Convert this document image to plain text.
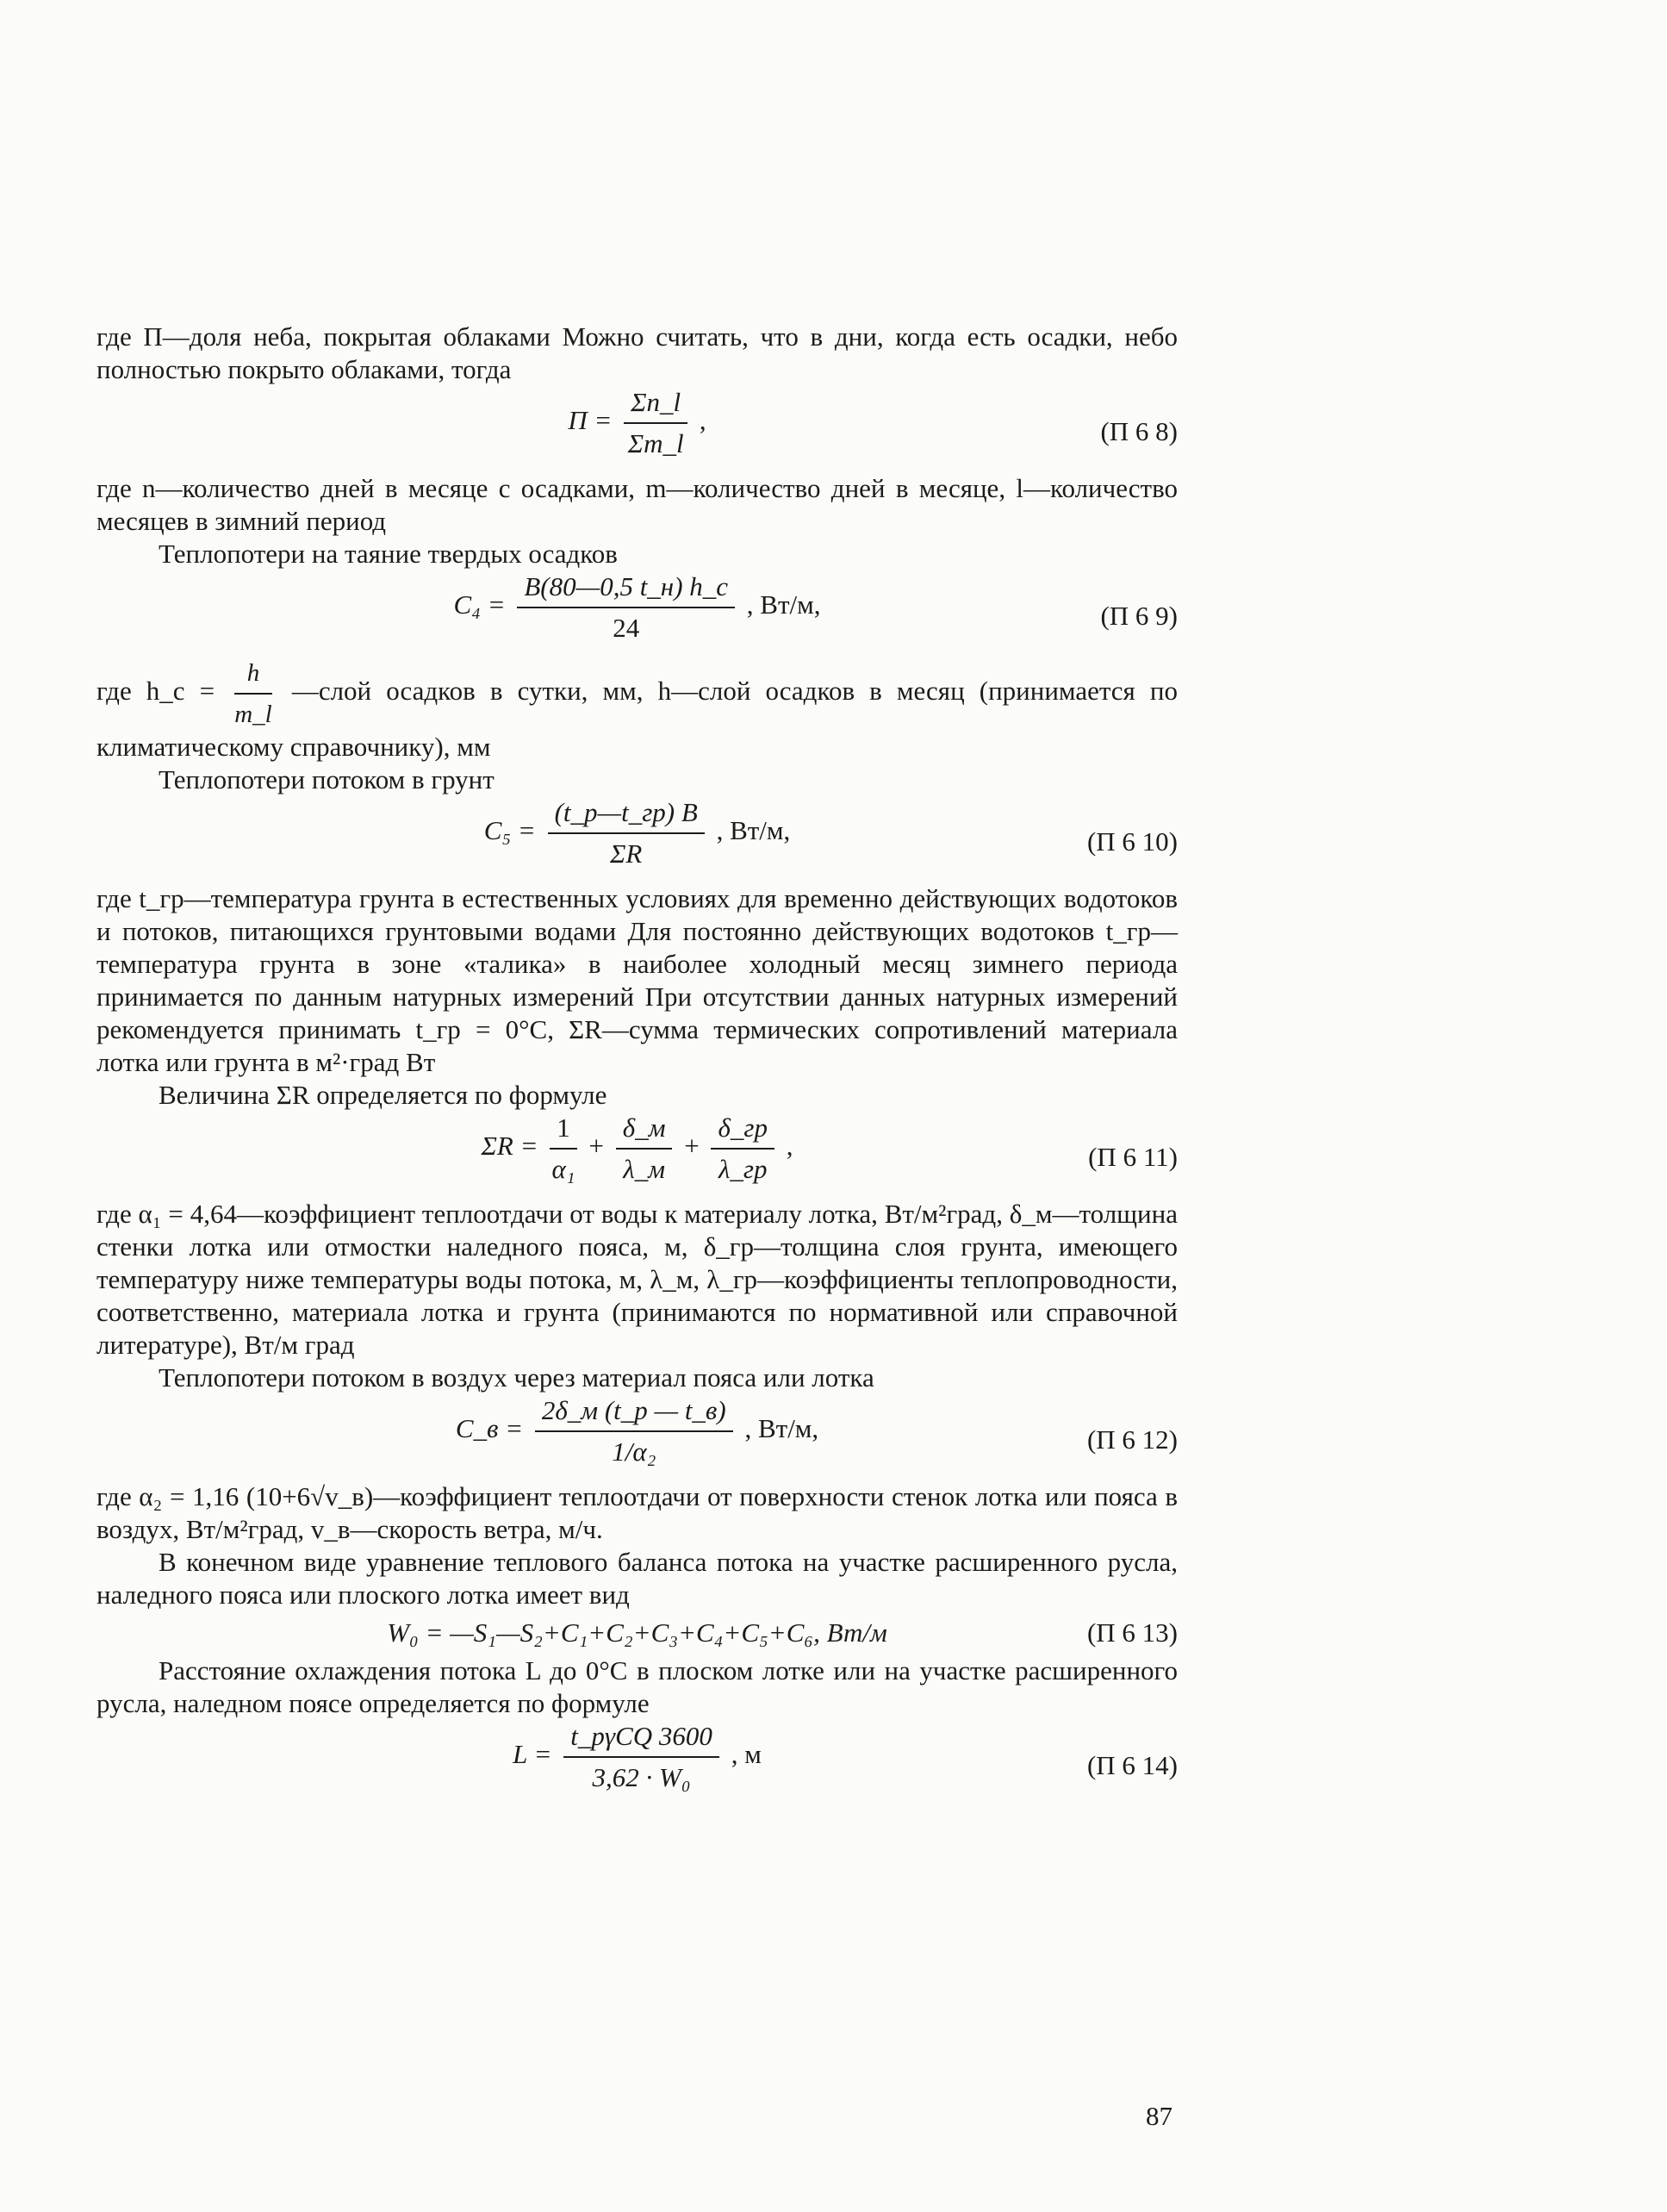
где П—доля неба, покрытая облаками Можно считать, что в дни, когда есть осадки, небо полностью покрыто облаками, тогда

$П = \frac{\Sigma n\_l}{\Sigma m\_l}$ ,	(П 6 8)

где n—количество дней в месяце с осадками, m—количество дней в месяце, l—количество месяцев в зимний период

Теплопотери на таяние твердых осадков

$C_4 = \frac{B(80—0,5 t\_н) h\_c}{24}$ , Вт/м,	(П 6 9)

где h_c = $\frac{h}{m\_l}$ —слой осадков в сутки, мм, h—слой осадков в месяц (принимается по климатическому справочнику), мм

Теплопотери потоком в грунт

$C_5 = \frac{(t\_p—t\_гр) B}{\Sigma R}$ , Вт/м,	(П 6 10)

где t_гр—температура грунта в естественных условиях для временно действующих водотоков и потоков, питающихся грунтовыми водами Для постоянно действующих водотоков t_гр—температура грунта в зоне «талика» в наиболее холодный месяц зимнего периода принимается по данным натурных измерений При отсутствии данных натурных измерений рекомендуется принимать t_гр = 0°С, ΣR—сумма термических сопротивлений материала лотка или грунта в м²·град Вт

Величина ΣR определяется по формуле

$\Sigma R = \frac{1}{\text{α₁}} + \frac{\delta\_м}{\lambda\_м} + \frac{\delta\_гр}{\lambda\_гр}$ ,	(П 6 11)

где α₁ = 4,64—коэффициент теплоотдачи от воды к материалу лотка, Вт/м²град, δ_м—толщина стенки лотка или отмостки наледного пояса, м, δ_гр—толщина слоя грунта, имеющего температуру ниже температуры воды потока, м, λ_м, λ_гр—коэффициенты теплопроводности, соответственно, материала лотка и грунта (принимаются по нормативной или справочной литературе), Вт/м град

Теплопотери потоком в воздух через материал пояса или лотка

C_в = $\frac{2\delta\_м (t\_p — t\_в)}{\text{1/α₂}}$ , Вт/м,	(П 6 12)

где α₂ = 1,16 (10+6√v_в)—коэффициент теплоотдачи от поверхности стенок лотка или пояса в воздух, Вт/м²град, v_в—скорость ветра, м/ч.

В конечном виде уравнение теплового баланса потока на участке расширенного русла, наледного пояса или плоского лотка имеет вид

W₀ = —S₁—S₂+C₁+C₂+C₃+C₄+C₅+C₆, Вт/м	(П 6 13)

Расстояние охлаждения потока L до 0°С в плоском лотке или на участке расширенного русла, наледном поясе определяется по формуле

$L = \frac{\text{t\_pγCQ 3600}}{\text{3,62 · W₀}}$ , м	(П 6 14)
87
